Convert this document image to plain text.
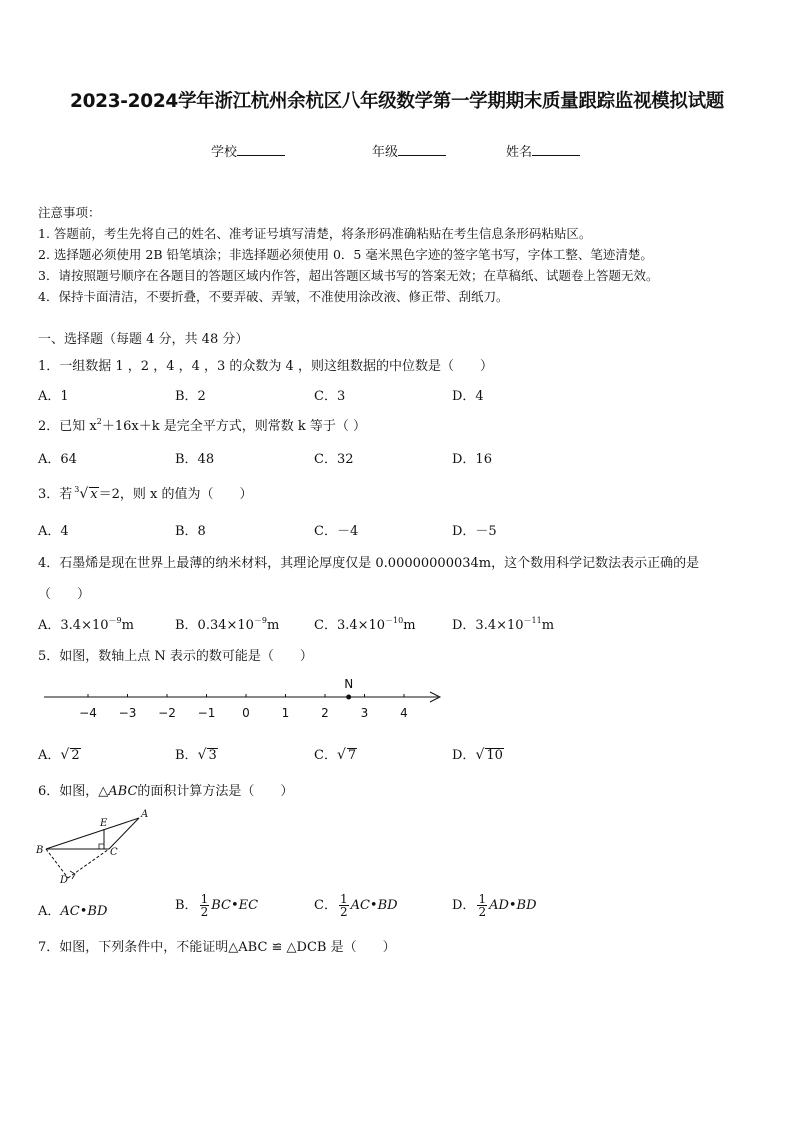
2023-2024学年浙江杭州余杭区八年级数学第一学期期末质量跟踪监视模拟试题
学校	年级	姓名
注意事项：
1. 答题前，考生先将自己的姓名、准考证号填写清楚，将条形码准确粘贴在考生信息条形码粘贴区。
2. 选择题必须使用 2B 铅笔填涂；非选择题必须使用 0．5 毫米黑色字迹的签字笔书写，字体工整、笔迹清楚。
3．请按照题号顺序在各题目的答题区域内作答，超出答题区域书写的答案无效；在草稿纸、试题卷上答题无效。
4．保持卡面清洁，不要折叠，不要弄破、弄皱，不准使用涂改液、修正带、刮纸刀。
一、选择题（每题 4 分，共 48 分）
1．一组数据 1 ，2 ，4 ，4 ，3 的众数为 4 ，则这组数据的中位数是（　　）
A．1	B．2	C．3	D．4
2．已知 $x^2+16x+k$ 是完全平方式，则常数 k 等于（ ）
A．64	B．48	C．32	D．16
3．若 $^3$√ x＝2，则 x 的值为（　　）
A．4	B．8	C．－4	D．－5
4．石墨烯是现在世界上最薄的纳米材料，其理论厚度仅是 0.00000000034m，这个数用科学记数法表示正确的是
（　　）
A．$3.4\times 10^{-9}m$	B．$0.34\times 10^{-9}m$	C．$3.4\times 10^{-10}m$	D．$3.4\times 10^{-11}m$
5．如图，数轴上点 N 表示的数可能是（　　）
−4 −3 −2 −1 0	1	2	3	4
N
A．√ 2	B．√ 3	C．√ 7	D．√ 10
6．如图，△ABC的面积计算方法是（　　）
A
B	C
D
E
A．AC•BD	B． $\frac{1}{2}$ BC•EC	C． $\frac{1}{2}$ AC•BD	D． $\frac{1}{2}$ AD•BD
7．如图，下列条件中，不能证明△ABC ≌ △DCB 是（　　）
